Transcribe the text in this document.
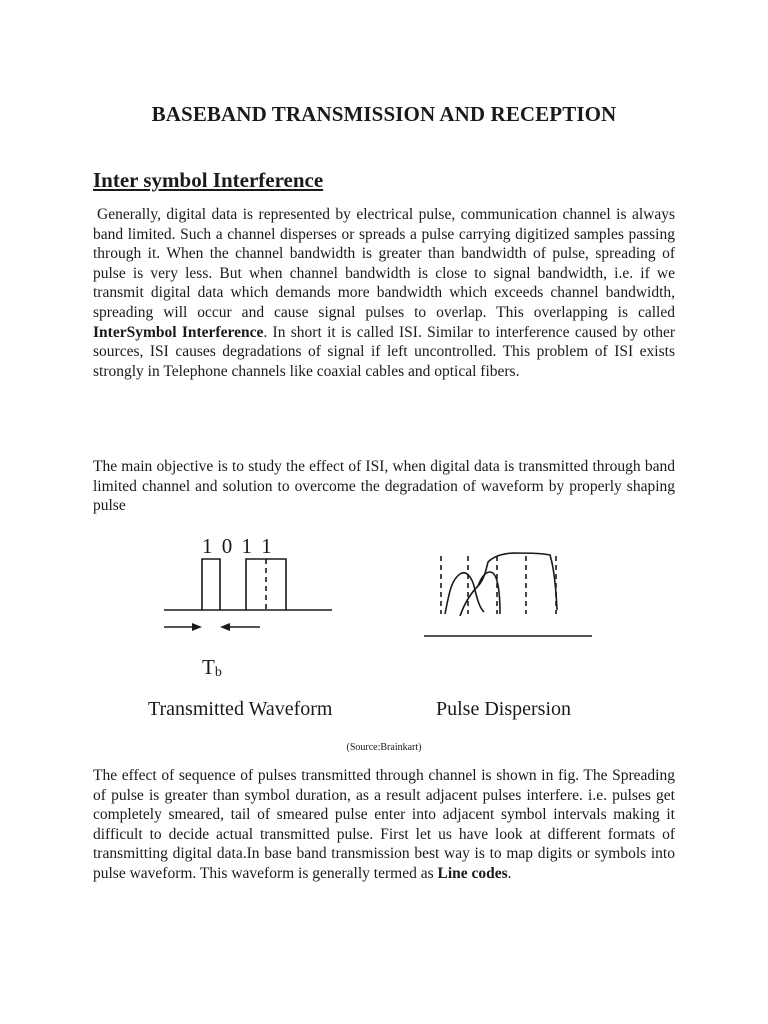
BASEBAND TRANSMISSION AND RECEPTION
Inter symbol Interference

Generally, digital data is represented by electrical pulse, communication channel is always band limited. Such a channel disperses or spreads a pulse carrying digitized samples passing through it. When the channel bandwidth is greater than bandwidth of pulse, spreading of pulse is very less. But when channel bandwidth is close to signal bandwidth, i.e. if we transmit digital data which demands more bandwidth which exceeds channel bandwidth, spreading will occur and cause signal pulses to overlap. This overlapping is called InterSymbol Interference. In short it is called ISI. Similar to interference caused by other sources, ISI causes degradations of signal if left uncontrolled. This problem of ISI exists strongly in Telephone channels like coaxial cables and optical fibers.

The main objective is to study the effect of ISI, when digital data is transmitted through band limited channel and solution to overcome the degradation of waveform by properly shaping pulse

1 0 1 1
Tb
Transmitted Waveform	Pulse Dispersion
(Source:Brainkart)

The effect of sequence of pulses transmitted through channel is shown in fig. The Spreading of pulse is greater than symbol duration, as a result adjacent pulses interfere. i.e. pulses get completely smeared, tail of smeared pulse enter into adjacent symbol intervals making it difficult to decide actual transmitted pulse. First let us have look at different formats of transmitting digital data.In base band transmission best way is to map digits or symbols into pulse waveform. This waveform is generally termed as Line codes.
